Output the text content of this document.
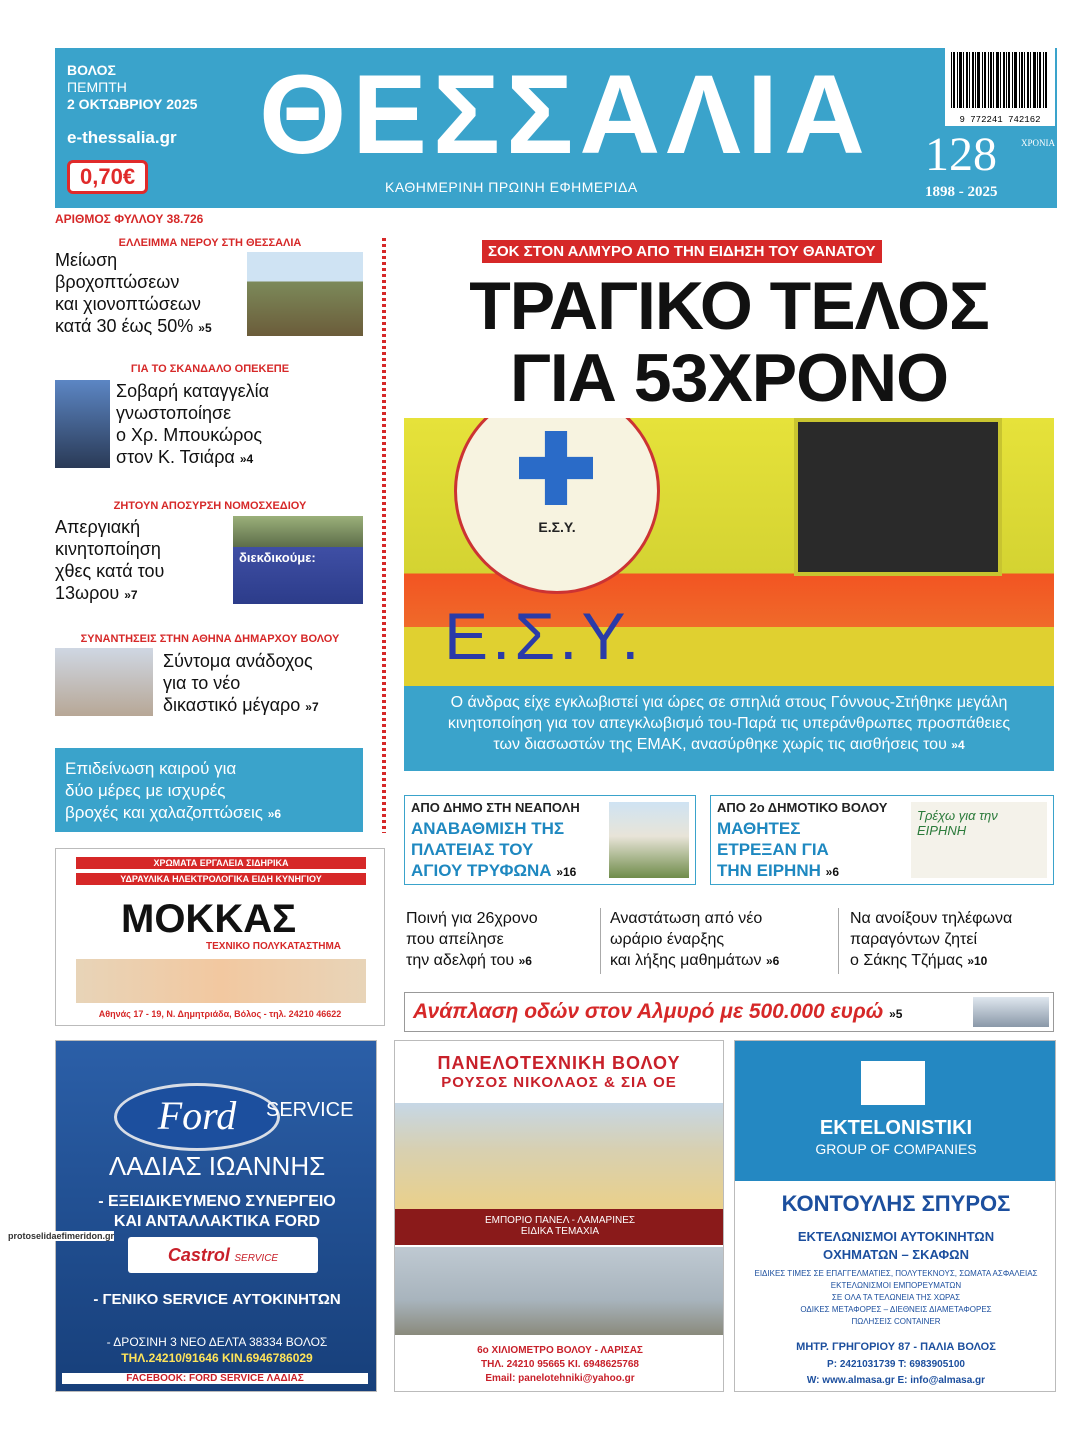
ΒΟΛΟΣ
ΠΕΜΠΤΗ
2 ΟΚΤΩΒΡΙΟΥ 2025
e-thessalia.gr
0,70€ ΘΕΣΣΑΛΙΑ
ΚΑΘΗΜΕΡΙΝΗ ΠΡΩΙΝΗ ΕΦΗΜΕΡΙΔΑ
9 772241 742162
128	ΧΡΟΝΙΑ
1898 - 2025
ΑΡΙΘΜΟΣ ΦΥΛΛΟΥ 38.726
ΕΛΛΕΙΜΜΑ ΝΕΡΟΥ ΣΤΗ ΘΕΣΣΑΛΙΑ
Μείωση
βροχοπτώσεων
και χιονοπτώσεων
κατά 30 έως 50% »5
ΓΙΑ ΤΟ ΣΚΑΝΔΑΛΟ ΟΠΕΚΕΠΕ
Σοβαρή καταγγελία
γνωστοποίησε
ο Χρ. Μπουκώρος
στον Κ. Τσιάρα »4
ΖΗΤΟΥΝ ΑΠΟΣΥΡΣΗ ΝΟΜΟΣΧΕΔΙΟΥ
Απεργιακή
κινητοποίηση
χθες κατά του
13ωρου »7
διεκδικούμε:
ΣΥΝΑΝΤΗΣΕΙΣ ΣΤΗΝ ΑΘΗΝΑ ΔΗΜΑΡΧΟΥ ΒΟΛΟΥ
Σύντομα ανάδοχος
για το νέο
δικαστικό μέγαρο »7
Επιδείνωση καιρού για
δύο μέρες με ισχυρές
βροχές και χαλαζοπτώσεις »6
ΣΟΚ ΣΤΟΝ ΑΛΜΥΡΟ ΑΠΟ ΤΗΝ ΕΙΔΗΣΗ ΤΟΥ ΘΑΝΑΤΟΥ
ΤΡΑΓΙΚΟ ΤΕΛΟΣ
ΓΙΑ 53ΧΡΟΝΟ
Ε.Σ.Υ.
Ε.Σ.Υ.
Ο άνδρας είχε εγκλωβιστεί για ώρες σε σπηλιά στους Γόννους-Στήθηκε μεγάλη
κινητοποίηση για τον απεγκλωβισμό του-Παρά τις υπεράνθρωπες προσπάθειες
των διασωστών της ΕΜΑΚ, ανασύρθηκε χωρίς τις αισθήσεις του »4
ΑΠΟ ΔΗΜΟ ΣΤΗ ΝΕΑΠΟΛΗ
ΑΝΑΒΑΘΜΙΣΗ ΤΗΣ
ΠΛΑΤΕΙΑΣ ΤΟΥ
ΑΓΙΟΥ ΤΡΥΦΩΝΑ »16
ΑΠΟ 2ο ΔΗΜΟΤΙΚΟ ΒΟΛΟΥ
ΜΑΘΗΤΕΣ
ΕΤΡΕΞΑΝ ΓΙΑ
ΤΗΝ ΕΙΡΗΝΗ »6
Τρέχω για την ΕΙΡΗΝΗ
Ποινή για 26χρονο
που απείλησε
την αδελφή του »6
Αναστάτωση από νέο
ωράριο έναρξης
και λήξης μαθημάτων »6
Να ανοίξουν τηλέφωνα
παραγόντων ζητεί
ο Σάκης Τζήμας »10
Ανάπλαση οδών στον Αλμυρό με 500.000 ευρώ »5
ΧΡΩΜΑΤΑ ΕΡΓΑΛΕΙΑ ΣΙΔΗΡΙΚΑ
ΥΔΡΑΥΛΙΚΑ ΗΛΕΚΤΡΟΛΟΓΙΚΑ ΕΙΔΗ ΚΥΝΗΓΙΟΥ
ΜΟΚΚΑΣ
ΤΕΧΝΙΚΟ ΠΟΛΥΚΑΤΑΣΤΗΜΑ
Αθηνάς 17 - 19, Ν. Δημητριάδα, Βόλος - τηλ. 24210 46622
Ford	SERVICE
ΛΑΔΙΑΣ ΙΩΑΝΝΗΣ
- ΕΞΕΙΔΙΚΕΥΜΕΝΟ ΣΥΝΕΡΓΕΙΟ
ΚΑΙ ΑΝΤΑΛΛΑΚΤΙΚΑ FORD
Castrol SERVICE
- ΓΕΝΙΚΟ SERVICE ΑΥΤΟΚΙΝΗΤΩΝ
- ΔΡΟΣΙΝΗ 3 ΝΕΟ ΔΕΛΤΑ 38334 ΒΟΛΟΣ
ΤΗΛ.24210/91646 ΚΙΝ.6946786029
FACEBOOK: FORD SERVICE ΛΑΔΙΑΣ
protoselidaefimeridon.gr
ΠΑΝΕΛΟΤΕΧΝΙΚΗ ΒΟΛΟΥ
ΡΟΥΣΟΣ ΝΙΚΟΛΑΟΣ & ΣΙΑ ΟΕ
ΕΜΠΟΡΙΟ ΠΑΝΕΛ - ΛΑΜΑΡΙΝΕΣ
ΕΙΔΙΚΑ ΤΕΜΑΧΙΑ
6ο ΧΙΛΙΟΜΕΤΡΟ ΒΟΛΟΥ - ΛΑΡΙΣΑΣ
ΤΗΛ. 24210 95665 ΚΙ. 6948625768
Email: panelotehniki@yahoo.gr
EKTELONISTIKI
GROUP OF COMPANIES
ΚΟΝΤΟΥΛΗΣ ΣΠΥΡΟΣ
ΕΚΤΕΛΩΝΙΣΜΟΙ ΑΥΤΟΚΙΝΗΤΩΝ
ΟΧΗΜΑΤΩΝ – ΣΚΑΦΩΝ
ΕΙΔΙΚΕΣ ΤΙΜΕΣ ΣΕ ΕΠΑΓΓΕΛΜΑΤΙΕΣ, ΠΟΛΥΤΕΚΝΟΥΣ, ΣΩΜΑΤΑ ΑΣΦΑΛΕΙΑΣ
ΕΚΤΕΛΩΝΙΣΜΟΙ ΕΜΠΟΡΕΥΜΑΤΩΝ
ΣΕ ΟΛΑ ΤΑ ΤΕΛΩΝΕΙΑ ΤΗΣ ΧΩΡΑΣ
ΟΔΙΚΕΣ ΜΕΤΑΦΟΡΕΣ – ΔΙΕΘΝΕΙΣ ΔΙΑΜΕΤΑΦΟΡΕΣ
ΠΩΛΗΣΕΙΣ CONTAINER
ΜΗΤΡ. ΓΡΗΓΟΡΙΟΥ 87 - ΠΑΛΙΑ ΒΟΛΟΣ
Ρ: 2421031739 Τ: 6983905100
W: www.almasa.gr E: info@almasa.gr
